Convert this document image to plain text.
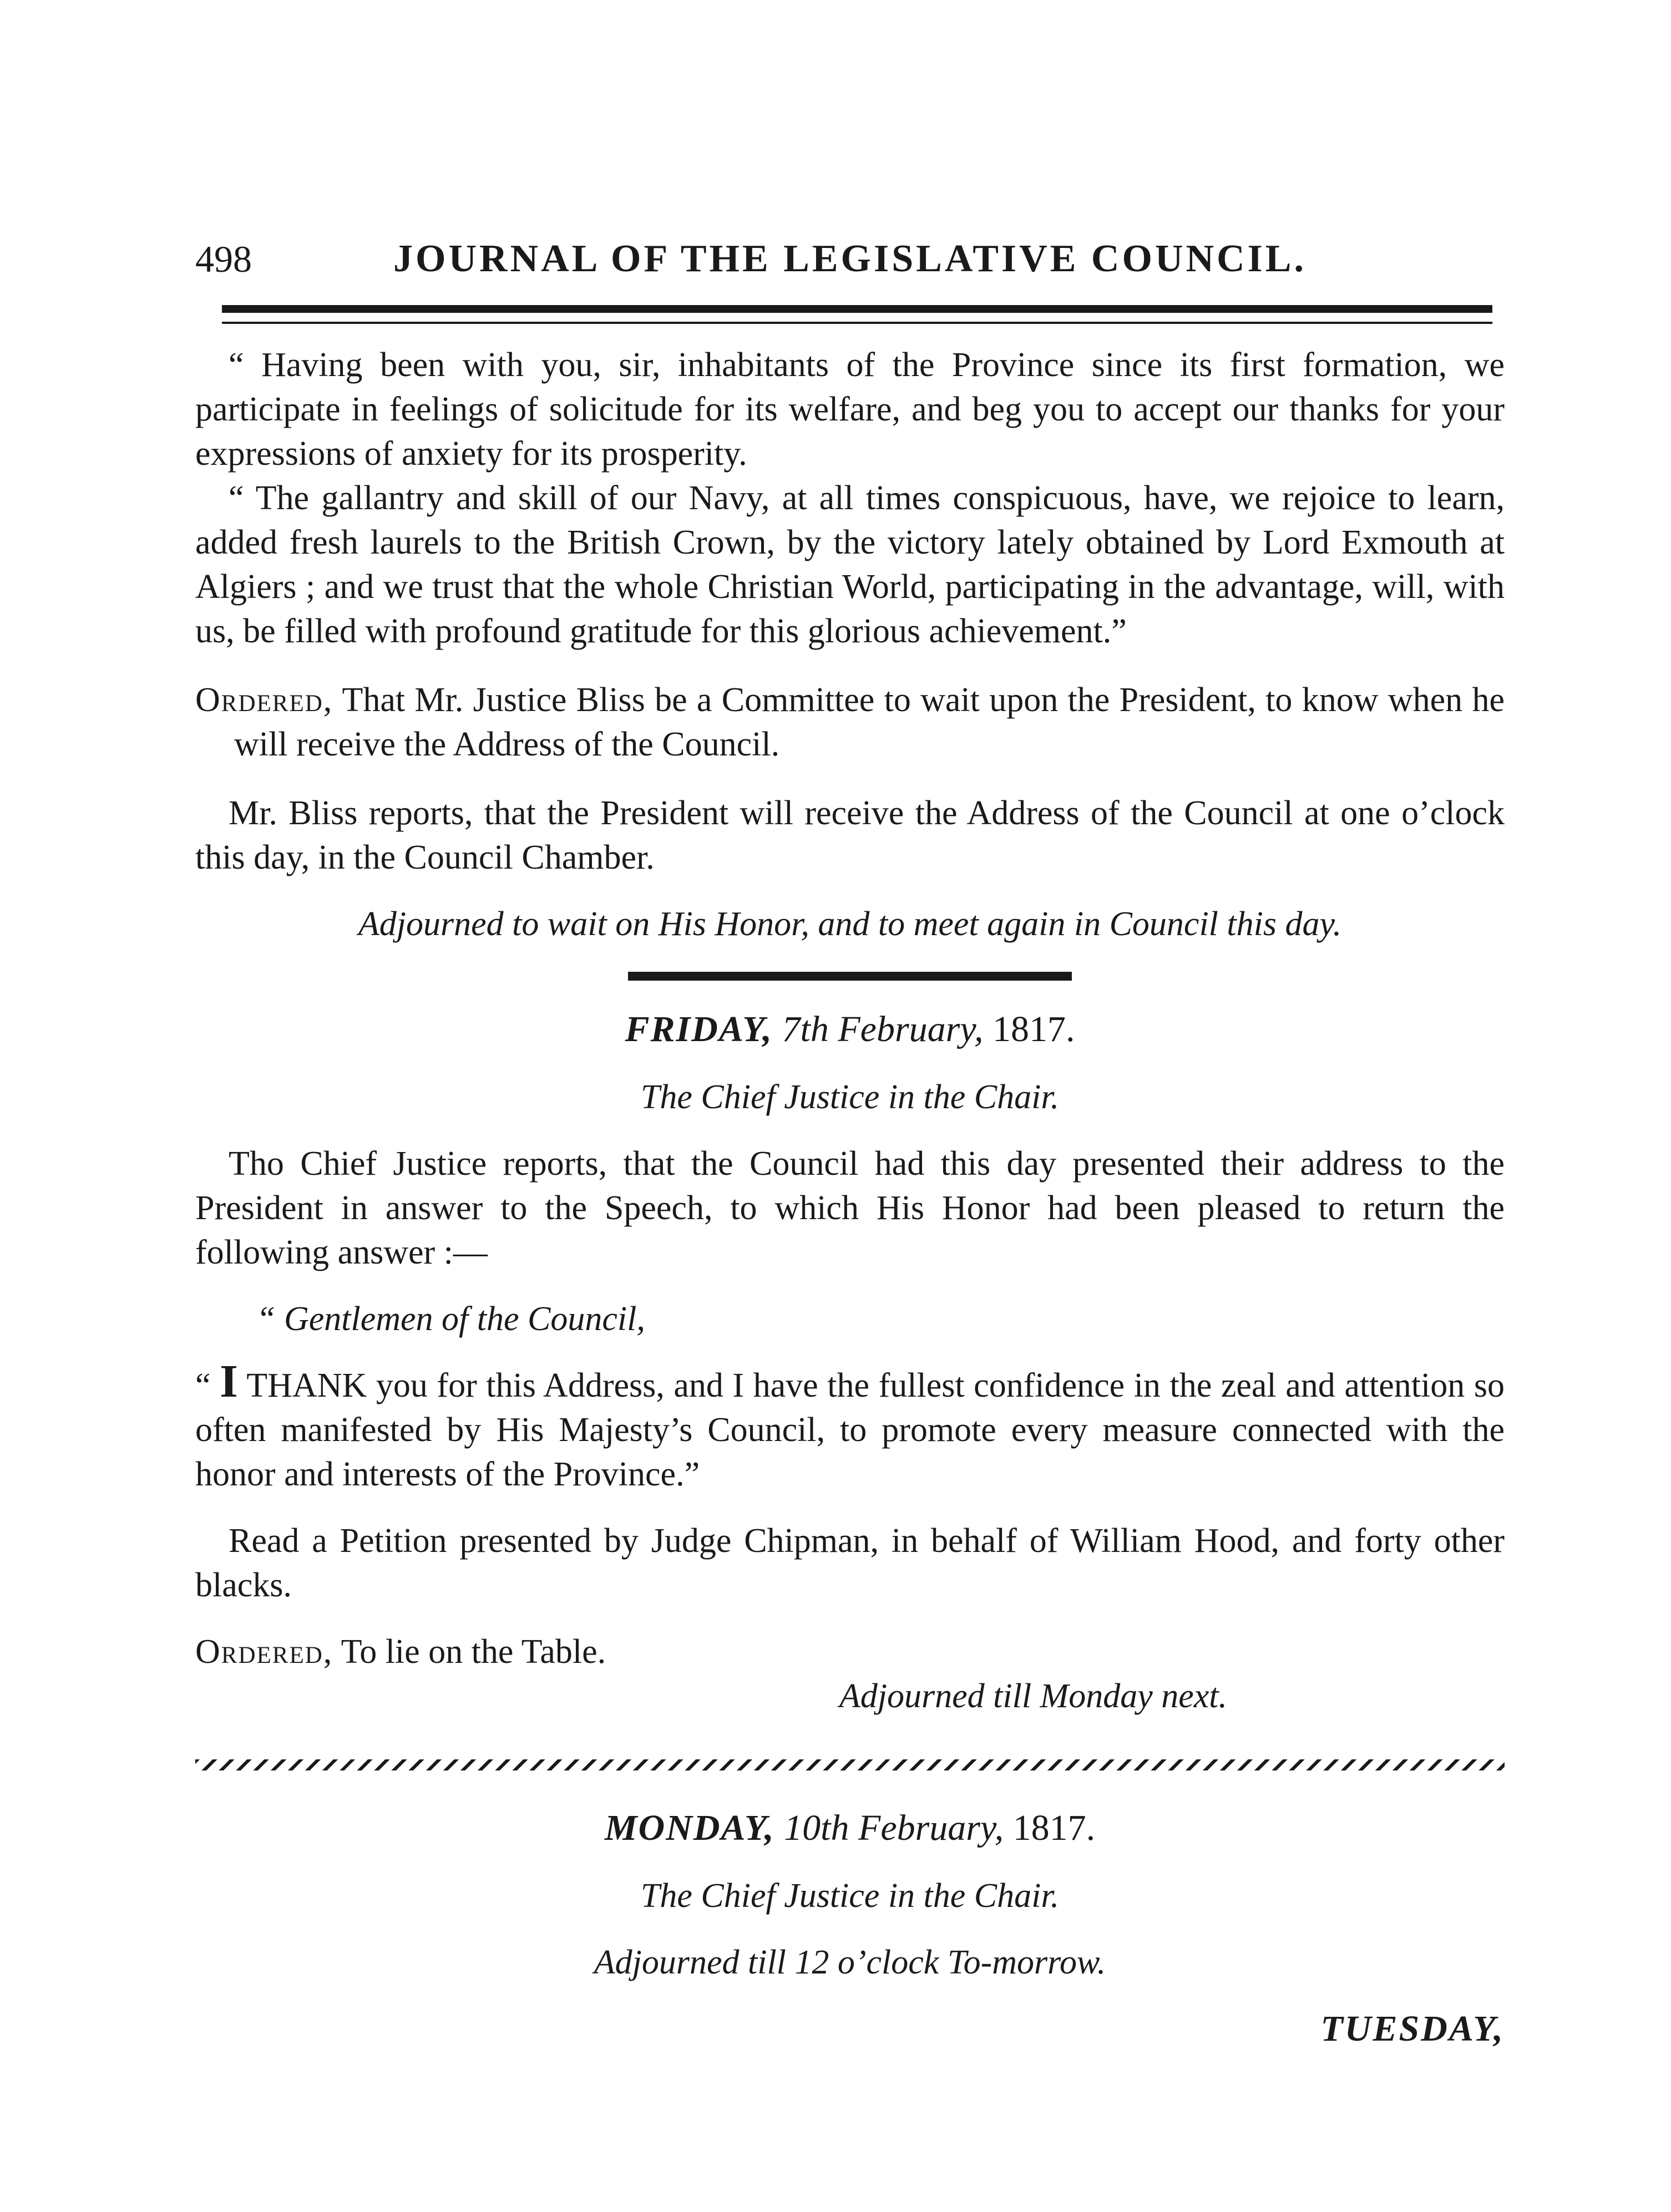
498	JOURNAL OF THE LEGISLATIVE COUNCIL.

“ Having been with you, sir, inhabitants of the Province since its first formation, we participate in feelings of solicitude for its welfare, and beg you to accept our thanks for your expressions of anxiety for its prosperity.

“ The gallantry and skill of our Navy, at all times conspicuous, have, we rejoice to learn, added fresh laurels to the British Crown, by the victory lately obtained by Lord Exmouth at Algiers ; and we trust that the whole Christian World, participating in the advantage, will, with us, be filled with profound gratitude for this glorious achievement.”

Ordered, That Mr. Justice Bliss be a Committee to wait upon the President, to know when he will receive the Address of the Council.

Mr. Bliss reports, that the President will receive the Address of the Council at one o’clock this day, in the Council Chamber.

Adjourned to wait on His Honor, and to meet again in Council this day.

FRIDAY, 7th February, 1817.
The Chief Justice in the Chair.

Tho Chief Justice reports, that the Council had this day presented their address to the President in answer to the Speech, to which His Honor had been pleased to return the following answer :—

“ Gentlemen of the Council,

“ I THANK you for this Address, and I have the fullest confidence in the zeal and attention so often manifested by His Majesty’s Council, to promote every measure connected with the honor and interests of the Province.”

Read a Petition presented by Judge Chipman, in behalf of William Hood, and forty other blacks.

Ordered, To lie on the Table.

Adjourned till Monday next.

MONDAY, 10th February, 1817.
The Chief Justice in the Chair.
Adjourned till 12 o’clock To-morrow.
TUESDAY,
